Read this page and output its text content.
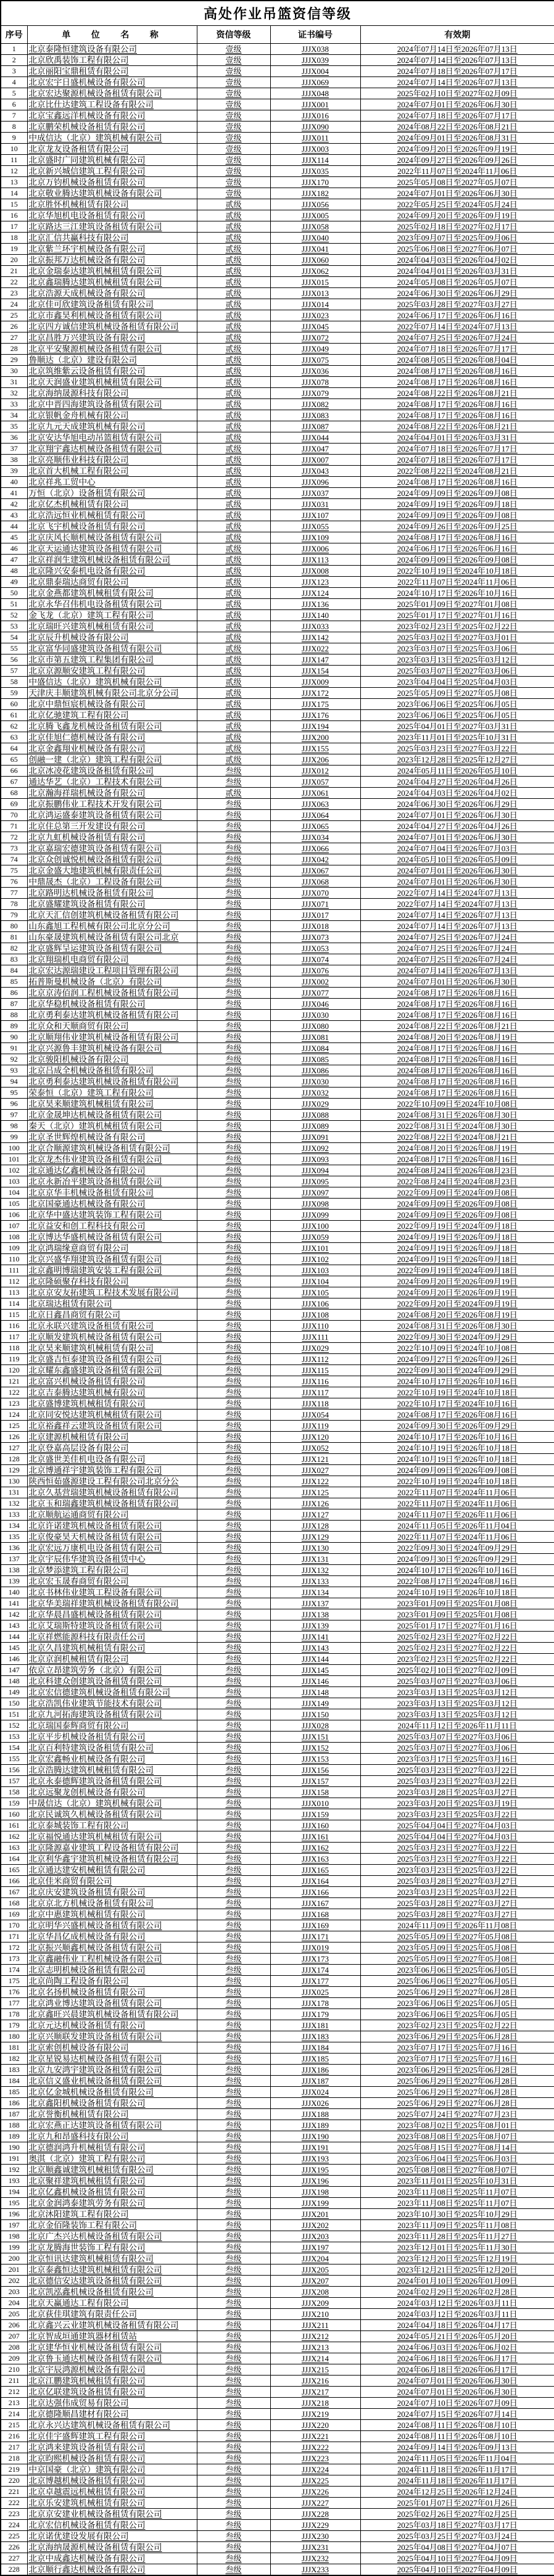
高处作业吊篮资信等级				
序号	单 位 名 称	资信等级	证书编号	有效期
1	北京泰隆恒建筑设备有限公司	壹级	JJJX038	2024年07月14日至2026年07月13日
2	北京欣禹装饰工程有限公司	壹级	JJJX039	2024年07月14日至2026年07月13日
3	北京丽阳宝鼎租赁有限公司	壹级	JJJX004	2024年07月18日至2026年07月17日
4	北京宏宇日盛机械设备有限公司	壹级	JJJX069	2024年07月14日至2026年07月13日
5	北京宏达聚源机械设备租赁有限公司	壹级	JJJX048	2025年02月10日至2027年02月09日
6	北京比仕达建筑工程设备有限公司	壹级	JJJX001	2024年07月01日至2026年06月30日
7	北京宝鑫远洋机械设备有限公司	壹级	JJJX016	2024年07月18日至2026年07月17日
8	北京鹏荣机械设备租赁有限公司	壹级	JJJX090	2024年08月22日至2026年08月21日
9	中成信达（北京）建筑机械有限公司	壹级	JJJX011	2024年09月01日至2026年08月31日
10	北京龙友设备租赁有限公司	壹级	JJJX003	2024年09月20日至2026年09月19日
11	北京盛时广同建筑机械有限公司	壹级	JJJX114	2024年09月27日至2026年09月26日
12	北京新兴城信建筑工程有限公司	壹级	JJJX035	2022年11月07日至2024年11月06日
13	北京万钧机械设备租赁有限公司	壹级	JJJX170	2025年05月08日至2027年05月07日
14	北京敬业腾达建筑机械设备有限公司	壹级	JJJX182	2024年07月01日至2026年06月30日
15	北京胜怀机械租赁有限公司	贰级	JJJX056	2022年05月25日至2024年05月24日
16	北京华旭机电设备租赁有限公司	贰级	JJJX005	2024年09月20日至2026年09月19日
17	北京路达三江建筑设备租赁有限公司	贰级	JJJX058	2025年02月18日至2027年02月17日
18	北京汇信共赢科技有限公司	贰级	JJJX040	2023年09月07日至2025年09月06日
19	北京紫兰环宇机械设备有限公司	贰级	JJJX041	2025年06月08日至2027年06月07日
20	北京振邦万达机械设备有限公司	贰级	JJJX060	2024年04月03日至2026年04月02日
21	北京金瑞泰达建筑机械租赁有限公司	贰级	JJJX062	2024年04月01日至2026年03月31日
22	北京鑫瑞腾达建筑机械租赁有限公司	贰级	JJJX015	2024年05月08日至2026年05月07日
23	北京浩源天成机械设备有限公司	贰级	JJJX013	2024年06月30日至2026年06月29日
24	北京佳可欣建筑设备租赁有限公司	贰级	JJJX014	2025年03月28日至2027年03月27日
25	北京市鑫昊利机械设备租赁有限公司	贰级	JJJX023	2024年06月17日至2026年06月16日
26	北京四方诚信建筑机械设备租赁有限公司	贰级	JJJX045	2022年07月14日至2024年07月13日
27	北京昌胜万兴建筑设备有限公司	贰级	JJJX072	2024年07月25日至2026年07月24日
28	北京平安聚源机械设备租赁有限公司	贰级	JJJX049	2024年07月18日至2026年07月17日
29	鲁顺达（北京）建设有限公司	贰级	JJJX075	2024年08月05日至2026年08月04日
30	北京筑维紫云设备租赁有限公司	贰级	JJJX036	2024年08月17日至2026年08月16日
31	北京天润盛业建筑机械租赁有限公司	贰级	JJJX078	2024年08月17日至2026年08月16日
32	北京海纳晟源科技有限公司	贰级	JJJX079	2024年08月22日至2026年08月21日
33	北京中晋四海建筑设备租赁有限公司	贰级	JJJX082	2024年08月17日至2026年08月16日
34	北京银帆金舟机械有限公司	贰级	JJJX083	2024年08月17日至2026年08月16日
35	北京九元天成建筑机械有限公司	贰级	JJJX087	2024年08月22日至2026年08月21日
36	北京安达华旭电动吊篮租赁有限公司	贰级	JJJX044	2024年04月01日至2026年03月31日
37	北京翔宇鑫达机械设备租赁有限公司	贰级	JJJX047	2024年07月18日至2026年07月17日
38	北京亮顺伟业科技有限公司	贰级	JJJX007	2024年07月18日至2026年07月17日
39	北京首大机械工程有限公司	贰级	JJJX043	2022年08月22日至2024年08月21日
40	北京祥兆工贸中心	贰级	JJJX096	2024年08月17日至2026年08月16日
41	万恒（北京）设备租赁有限公司	贰级	JJJX037	2024年09月09日至2026年09月08日
42	北京亿杰机械租赁有限公司	贰级	JJJX031	2024年09月19日至2026年09月18日
43	北京浩远恒业机械租赁有限公司	贰级	JJJX107	2024年09月09日至2026年09月08日
44	北京飞宇机械设备租赁有限公司	贰级	JJJX055	2024年09月26日至2026年09月25日
45	北京庆风长顺机械设备租赁有限公司	贰级	JJJX109	2024年08月17日至2026年08月16日
46	北京天运通达建筑设备租赁有限公司	贰级	JJJX006	2024年06月17日至2026年06月16日
47	北京祥润生建筑机械设备租赁有限公司	贰级	JJJX113	2024年09月09日至2026年09月08日
48	北京隆兴安泰机电设备有限公司	贰级	JJJX008	2022年10月19日至2024年10月18日
49	北京鼎泰瑞达商贸有限公司	贰级	JJJX123	2022年11月07日至2024年11月06日
50	北京金燕都建筑机械租赁有限公司	贰级	JJJX124	2024年10月17日至2026年10月16日
51	北京永华召伟机电设备租赁有限公司	贰级	JJJX136	2025年01月09日至2027年01月08日
52	金飞龙（北京）建筑工程有限公司	贰级	JJJX140	2025年01月17日至2027年01月16日
53	北京瑞旺兴建筑机械租赁有限公司	贰级	JJJX033	2023年02月23日至2025年02月22日
54	北京辰升机械设备有限公司	贰级	JJJX142	2025年03月02日至2027年03月01日
55	北京富华同盛建筑设备租赁有限公司	贰级	JJJX022	2023年03月07日至2025年03月06日
56	北京市第五建筑工程集团有限公司	贰级	JJJX147	2023年03月13日至2025年03月12日
57	北京京源顺安建筑工程有限公司	贰级	JJJX154	2025年03月07日至2027年03月06日
58	中盛信达（北京）建筑机械有限公司	贰级	JJJX009	2023年04月04日至2025年04月03日
59	天津庆丰顺建筑机械有限公司北京分公司	贰级	JJJX172	2025年05月09日至2027年05月08日
60	北京中鼎恒宸机械设备有限公司	贰级	JJJX175	2023年06月06日至2025年06月05日
61	北京亿驰建筑工程有限公司	贰级	JJJX176	2023年06月06日至2025年06月05日
62	北京腾飞鑫龙机械设备租赁有限公司	贰级	JJJX194	2025年04月01日至2027年03月31日
63	北京佳旭仁德机械设备有限公司	贰级	JJJX200	2023年11月01日至2025年10月31日
64	北京金鑫翔业机械设备有限公司	贰级	JJJX155	2025年03月23日至2027年03月22日
65	创融一建（北京）建筑工程有限公司	贰级	JJJX206	2023年12月28日至2025年12月27日
66	北京冰凌花建筑设备租赁有限公司	叁级	JJJX012	2024年05月11日至2026年05月10日
67	通达华艺（北京）工程技术有限公司	叁级	JJJX057	2024年04月27日至2026年04月26日
68	北京瀚海祥瑞机械设备有限公司	贰级	JJJX061	2024年04月03日至2026年04月02日
69	北京振鹏伟业工程技术开发有限公司	叁级	JJJX063	2024年06月30日至2026年06月29日
70	北京鸿运盛泰建筑设备租赁有限公司	叁级	JJJX064	2024年07月01日至2026年06月30日
71	北京住总第三开发建设有限公司	叁级	JJJX065	2024年04月27日至2026年04月26日
72	北京九虹机械设备租赁有限公司	叁级	JJJX034	2024年07月01日至2026年06月30日
73	北京嘉瑞宏德建筑设备租赁有限公司	叁级	JJJX066	2024年07月04日至2026年07月03日
74	北京众创诚悦机械设备租赁有限公司	叁级	JJJX042	2024年05月10日至2026年05月09日
75	北京金盛大地建筑机械有限责任公司	叁级	JJJX067	2024年07月01日至2026年06月30日
76	中鼎晟杰（北京）工程设备有限公司	叁级	JJJX068	2024年07月01日至2026年06月30日
77	北京路明达机械设备租赁有限公司	叁级	JJJX070	2022年07月14日至2024年07月13日
78	北京盛耀建筑设备租赁有限公司	叁级	JJJX071	2022年07月14日至2024年07月13日
79	北京天汇信创建筑机械设备租赁有限公司	叁级	JJJX017	2024年07月14日至2026年07月13日
80	山东鑫旭工程机械有限公司北京分公司	叁级	JJJX018	2024年07月14日至2026年07月13日
81	山东豪晟建筑机械设备租赁有限公司北京	叁级	JJJX073	2024年07月25日至2026年07月24日
82	北京盛辉呈运建筑设备租赁有限公司	叁级	JJJX053	2024年07月25日至2026年07月24日
83	北京翔瑞机电商贸有限公司	叁级	JJJX074	2024年07月25日至2026年07月24日
84	北京宏达源瑞建设工程项目管理有限公司	叁级	JJJX076	2024年07月14日至2026年07月13日
85	拓普斯曼机械设备（北京）有限公司	叁级	JJJX002	2024年07月01日至2026年06月30日
86	北京京涛佰润工程机械设备租赁有限公司	叁级	JJJX077	2024年08月17日至2026年08月16日
87	北京华稳机械设备租赁有限公司	叁级	JJJX046	2024年08月17日至2026年08月16日
88	北京勇利泰达建筑机械设备租赁有限公司	叁级	JJJX030	2024年08月17日至2026年08月16日
89	北京众和天顺商贸有限公司	叁级	JJJX080	2024年08月22日至2026年08月21日
90	北京顺翔伟业建筑机械设备租赁有限公司	叁级	JJJX081	2024年08月20日至2026年08月19日
91	北京兴源鲁丰建筑机械设备有限公司	叁级	JJJX084	2024年08月17日至2026年08月16日
92	北京骏阳机械设备有限公司	叁级	JJJX085	2024年08月17日至2026年08月16日
93	北京吕成全机械设备租赁有限公司	叁级	JJJX086	2024年08月17日至2026年08月16日
94	北京勇利泰达建筑机械设备租赁有限公司	叁级	JJJX030	2024年08月17日至2026年08月16日
95	荣泰恒（北京）建筑工程有限公司	叁级	JJJX032	2024年08月17日至2026年08月16日
96	北京昊来顺建筑机械租赁有限公司	叁级	JJJX029	2022年10月09日至2024年10月08日
97	北京金晟坤达机械设备租赁有限公司	叁级	JJJX088	2024年08月31日至2026年08月30日
98	秦天（北京）建筑机械租赁有限公司	叁级	JJJX089	2022年08月31日至2024年08月30日
99	北京圣世辉煌机械设备有限公司	叁级	JJJX091	2022年08月22日至2024年08月21日
100	北京合顺源建筑机械设备租赁有限公司	叁级	JJJX092	2024年08月20日至2026年08月19日
101	北京龙杰伟业建筑设备租赁有限公司	叁级	JJJX093	2024年08月17日至2026年08月16日
102	北京通达亿鑫机械设备有限公司	叁级	JJJX094	2024年08月24日至2026年08月23日
103	北京永新冶平建筑设备租赁有限公司	叁级	JJJX095	2022年08月24日至2024年08月23日
104	北京京华丰机械设备租赁有限公司	叁级	JJJX097	2022年09月09日至2024年09月08日
105	北京国豪通达机械设备有限公司	叁级	JJJX098	2024年09月09日至2026年09月08日
106	北京华中盛达建筑装饰工程有限公司	叁级	JJJX099	2024年09月09日至2026年09月08日
107	北京益安和创工程科技有限公司	叁级	JJJX100	2022年09月19日至2024年09月18日
108	北京博达华盛机械设备租赁有限公司	叁级	JJJX059	2024年09月19日至2026年09月18日
109	北京鸿瑞缘意商贸有限公司	叁级	JJJX101	2024年09月19日至2026年09月18日
110	北京兴盛华翔建筑设备租赁有限公司	叁级	JJJX102	2024年09月19日至2026年09月18日
111	北京鑫明博瑞建筑安装工程有限公司	叁级	JJJX103	2022年09月19日至2024年09月18日
112	北京隆硕聚存科技有限公司	叁级	JJJX104	2024年09月20日至2026年09月19日
113	北京京安友拓建筑工程技术发展有限公司	叁级	JJJX105	2024年09月20日至2026年09月19日
114	北京瑞达租赁有限公司	叁级	JJJX106	2022年09月20日至2024年09月19日
115	北京日鑫昌商贸有限公司	叁级	JJJX108	2024年08月20日至2026年08月19日
116	北京永联兴建筑设备租赁有限公司	叁级	JJJX110	2024年08月31日至2026年08月30日
117	北京顺发建筑机械设备租赁有限公司	叁级	JJJX111	2022年09月30日至2024年09月29日
118	北京昊来顺建筑机械租赁有限公司	叁级	JJJX029	2022年10月09日至2024年10月08日
119	北京盛吉恒泰建筑设备租赁有限公司	叁级	JJJX112	2024年09月27日至2026年09月26日
120	北京耀东鑫盛建筑设备租赁有限公司	叁级	JJJX115	2022年09月30日至2024年09月29日
121	北京富兴机械设备租赁有限公司	叁级	JJJX116	2024年10月17日至2026年10月16日
122	北京吉泰腾达建筑机械有限公司	叁级	JJJX117	2022年10月19日至2024年10月18日
123	北京盛博建筑机械租赁有限公司	叁级	JJJX118	2022年10月17日至2024年10月16日
124	北京同安悦达建筑机械租赁有限公司	叁级	JJJX054	2024年08月17日至2026年08月16日
125	北京裕鑫祥云建筑设备租赁有限公司	叁级	JJJX119	2024年09月30日至2026年09月29日
126	北京建源机械租赁有限公司	叁级	JJJX120	2024年10月17日至2026年10月16日
127	北京登嘉高层设备有限公司	叁级	JJJX052	2024年10月19日至2026年10月18日
128	北京盛世美佳机电设备有限公司	叁级	JJJX121	2024年10月19日至2026年10月18日
129	北京博通祥宇建筑装饰工程有限公司	叁级	JJJX027	2024年09月09日至2026年09月08日
130	陕西恒茹盛源建设工程有限公司北京分公	叁级	JJJX122	2022年10月19日至2024年10月18日
131	北京久基营瑞建筑机械设备租赁有限公司	叁级	JJJX125	2022年11月07日至2024年11月06日
132	北京玉和瑞鑫建筑机械设备租赁有限公司	叁级	JJJX126	2022年11月07日至2024年11月06日
133	北京顺航运通商贸有限公司	叁级	JJJX127	2024年11月07日至2026年11月06日
134	北京许诺建筑机械设备租赁有限公司	叁级	JJJX128	2024年11月05日至2026年11月04日
135	北京俊豪昊天机械设备租赁有限公司	叁级	JJJX129	2022年11月07日至2024年11月06日
136	北京宏远万康机电设备租赁有限公司	叁级	JJJX130	2022年09月30日至2024年09月29日
137	北京宇辰伟华建筑设备租赁中心	叁级	JJJX131	2024年09月30日至2026年09月29日
138	北京梦添建筑工程有限公司	叁级	JJJX132	2024年10月17日至2026年10月16日
139	北京宏玉晟春商贸有限公司	叁级	JJJX133	2022年08月17日至2024年08月16日
140	北京书林伟业建筑工程设备有限公司	叁级	JJJX134	2024年10月19日至2026年10月18日
141	北京华美瑞祥建筑机械设备租赁有限公司	叁级	JJJX137	2023年01月09日至2025年01月08日
142	北京华晨昌盛机械设备租赁有限公司	叁级	JJJX138	2023年01月09日至2025年01月08日
143	北京艾瑞斯特建筑设备租赁有限公司	叁级	JJJX139	2025年01月17日至2027年01月16日
144	北京祥燃能源科技有限责任公司	叁级	JJJX141	2025年02月23日至2027年02月22日
145	北京久昌建筑机械租赁有限公司	叁级	JJJX143	2025年02月23日至2027年02月22日
146	北京京润机械租赁有限公司	叁级	JJJX144	2023年02月23日至2025年02月22日
147	依京立昂建筑劳务（北京）有限公司	叁级	JJJX145	2025年02月10日至2027年02月09日
148	北京科建众创建筑设备租赁有限公司	叁级	JJJX146	2025年03月07日至2027年03月06日
149	北京宏信德建筑机械设备租赁有限公司	叁级	JJJX148	2023年03月13日至2025年03月12日
150	北京浩凯伟业建筑节能技术有限公司	叁级	JJJX149	2023年03月13日至2025年03月12日
151	北京九河拓海建筑设备租赁有限公司	叁级	JJJX150	2023年03月13日至2025年03月12日
152	北京瑞国泰辉商贸有限公司	叁级	JJJX028	2024年11月12日至2026年11月11日
153	北京平步机械设备租赁有限公司	叁级	JJJX151	2025年03月07日至2027年03月06日
154	北京百利特建筑设备租赁有限公司	叁级	JJJX152	2025年03月07日至2027年03月06日
155	北京宏鑫畅业机械设备有限公司	叁级	JJJX153	2023年03月17日至2025年03月16日
156	北京浩腾达建筑机械租赁有限公司	叁级	JJJX156	2025年03月23日至2027年03月22日
157	北京永泰德辉建筑设备租赁有限公司	叁级	JJJX157	2025年03月23日至2027年03月22日
158	北京远聚龙创机械设备有限公司	叁级	JJJX158	2023年03月28日至2025年03月27日
159	中晟信达（北京）建筑机械有限公司	叁级	JJJX010	2023年03月20日至2025年03月19日
160	北京民诚筑久机械设备租赁有限公司	叁级	JJJX159	2023年03月23日至2025年03月22日
161	北京泰城装饰工程有限公司	叁级	JJJX160	2025年04月04日至2027年04月03日
162	北京福悦通达建筑机械租赁有限公司	叁级	JJJX161	2025年04月04日至2027年04月03日
163	北京隆源嘉业建筑工程设备租赁有限公司	叁级	JJJX162	2025年03月23日至2027年03月22日
164	北京利华鑫宇建筑机械设备租赁有限公司	叁级	JJJX163	2025年03月23日至2027年03月22日
165	北京通达建安机械租赁有限公司	叁级	JJJX165	2023年03月23日至2025年03月22日
166	北京佳米商贸有限公司	叁级	JJJX164	2025年03月28日至2027年03月27日
167	北京庆安建筑设备租赁有限公司	叁级	JJJX166	2023年03月23日至2025年03月22日
168	北京京北方机械设备租赁有限公司	叁级	JJJX167	2025年03月28日至2027年03月27日
169	北京中惠建筑机械租赁有限公司	叁级	JJJX168	2025年03月28日至2027年03月27日
170	北京明华兴盛机械设备租赁有限公司	叁级	JJJX169	2024年11月09日至2026年11月08日
171	北京华昌亿成机械设备有限公司	叁级	JJJX171	2025年05月09日至2027年05月08日
172	北京振兴顺鑫机械设备租赁有限公司	叁级	JJJX019	2023年05月09日至2025年05月08日
173	北京鑫融伟业工程机械设备有限公司	叁级	JJJX173	2025年05月09日至2027年05月08日
174	北京志明机械设备租赁有限公司	叁级	JJJX174	2023年06月06日至2025年06月05日
175	北京尚陶工程设备有限公司	叁级	JJJX177	2025年06月06日至2027年06月05日
176	北京名扬机械设备租赁有限公司	叁级	JJJX025	2025年06月29日至2027年06月28日
177	北京鸿业博达建筑设备租赁有限公司	叁级	JJJX178	2023年06月06日至2025年06月05日
178	北京鑫旺兴晨建筑机械设备租赁有限公司	叁级	JJJX179	2023年06月06日至2025年06月05日
179	北京元达机械设备租赁有限公司	叁级	JJJX181	2023年02月23日至2025年02月22日
180	北京兴顺联发建筑设备租赁有限公司	叁级	JJJX183	2023年06月29日至2025年06月28日
181	北京索创机械设备有限公司	叁级	JJJX184	2023年07月17日至2025年07月16日
182	北京星锐易达机械设备租赁有限公司	叁级	JJJX185	2023年07月17日至2025年07月16日
183	北京九安鸿宇建筑设备租赁有限公司	叁级	JJJX186	2023年06月29日至2025年06月28日
184	北京信义盛业机械设备租赁有限公司	叁级	JJJX187	2025年06月29日至2027年06月28日
185	北京亿金城机械设备租赁有限公司	叁级	JJJX024	2025年06月29日至2027年06月28日
186	北京鑫阳机械设备租赁有限公司	叁级	JJJX026	2025年06月29日至2027年06月28日
187	北京誉衡机械租赁有限公司	叁级	JJJX188	2025年07月24日至2027年07月23日
188	北京宏燕正达建筑设备租赁有限公司	叁级	JJJX189	2023年08月02日至2025年08月01日
189	北京九和昂盛科技有限公司	叁级	JJJX190	2023年08月08日至2025年08月07日
190	北京德润鸿升机械租赁有限公司	叁级	JJJX191	2025年08月15日至2027年08月14日
191	奥淇（北京）建筑工程有限公司	叁级	JJJX193	2023年06月04日至2025年06月03日
192	北京顺鑫诚建筑机械租赁有限公司	叁级	JJJX195	2025年08月08日至2027年08月07日
193	北京聚祥建筑机械租赁有限公司	叁级	JJJX196	2023年11月01日至2025年10月31日
194	北京亿鑫机械设备租赁有限公司	叁级	JJJX198	2023年11月08日至2025年11月07日
195	北京金润鸿泰建筑劳务有限公司	叁级	JJJX199	2023年11月08日至2025年11月07日
196	北京沐阳建筑工程有限公司	叁级	JJJX201	2023年10月30日至2025年10月29日
197	北京金佰隆装饰工程有限公司	叁级	JJJX202	2023年11月09日至2025年11月08日
198	北京广杰兴达机械设备租赁有限公司	叁级	JJJX203	2023年11月28日至2025年11月27日
199	北京龙腾海世装饰工程有限公司	叁级	JJJX197	2023年12月01日至2025年11月30日
200	北京恒讯达建筑机械租赁有限公司	叁级	JJJX204	2023年12月20日至2025年12月19日
201	北京泰鑫恒达建筑机械租赁有限公司	叁级	JJJX205	2023年12月21日至2025年12月20日
202	北京德信安达建筑设备租赁有限公司	叁级	JJJX207	2024年01月10日至2026年01月09日
203	北京凯泓鑫机械设备租赁有限公司	叁级	JJJX208	2024年02月29日至2026年02月28日
204	北京天赢通达工程有限公司	叁级	JJJX209	2024年03月12日至2026年03月11日
205	北京荻佳琪建筑有限责任公司	叁级	JJJX210	2024年03月12日至2026年03月11日
206	北京鑫兴云业建筑机械设备租赁有限公司	叁级	JJJX211	2024年04月18日至2026年04月17日
207	北京智成垣通建筑器材租赁站	叁级	JJJX212	2024年05月21日至2026年05月20日
208	北京建华恒业机械设备租赁有限公司	叁级	JJJX213	2024年06月03日至2026年06月02日
209	北京鲁玉通达机械设备租赁有限公司	叁级	JJJX214	2024年06月18日至2026年06月17日
210	北京宇辰鸿源机械设备有限公司	叁级	JJJX215	2024年06月18日至2026年06月17日
211	北京江鹏建筑机械租赁有限公司	叁级	JJJX216	2024年07月01日至2026年06月30日
212	北京亿联建筑设备租赁有限公司	叁级	JJJX217	2024年07月01日至2026年06月30日
213	北京达强伟成贸易有限公司	叁级	JJJX218	2024年07月10日至2026年07月09日
214	北京德隆顺昌建材有限公司	叁级	JJJX219	2024年07月15日至2026年07月14日
215	北京永兴达建筑机械设备租赁有限公司	叁级	JJJX220	2024年08月11日至2026年08月10日
216	北京佳宇盛辉建筑工程有限公司	叁级	JJJX221	2024年08月11日至2026年08月10日
217	北京鸿来建筑设备租赁有限公司	叁级	JJJX222	2024年09月14日至2026年09月13日
218	北京昀熙机械设备租赁有限公司	叁级	JJJX223	2024年11月05日至2026年11月04日
219	中京国豪（北京）建筑有限公司	叁级	JJJX224	2024年11月18日至2026年11月17日
220	北京博越机械设备租赁有限公司	叁级	JJJX225	2024年11月18日至2026年11月17日
221	北京卓越震远机械租赁有限公司	叁级	JJJX226	2024年12月25日至2026年12月24日
222	北京乐安建筑机械租赁有限公司	叁级	JJJX227	2025年01月07日至2027年01月26日
223	北京京安建业机械设备租赁有限公司	叁级	JJJX228	2025年02月26日至2027年02月25日
224	北京宏信机械设备租赁有限公司	叁级	JJJX229	2025年03月18日至2027年03月17日
225	北京诺优建设发展有限公司	叁级	JJJX230	2025年03月25日至2027年03月24日
226	北京海纳晟源机械设备租赁有限公司	叁级	JJJX231	2025年04月08日至2027年04月07日
227	北京中成鑫达机械设备有限公司	叁级	JJJX232	2025年04月10日至2027年04月09日
228	北京顺行鑫达机械设备有限公司	叁级	JJJX233	2025年04月10日至2027年04月09日
